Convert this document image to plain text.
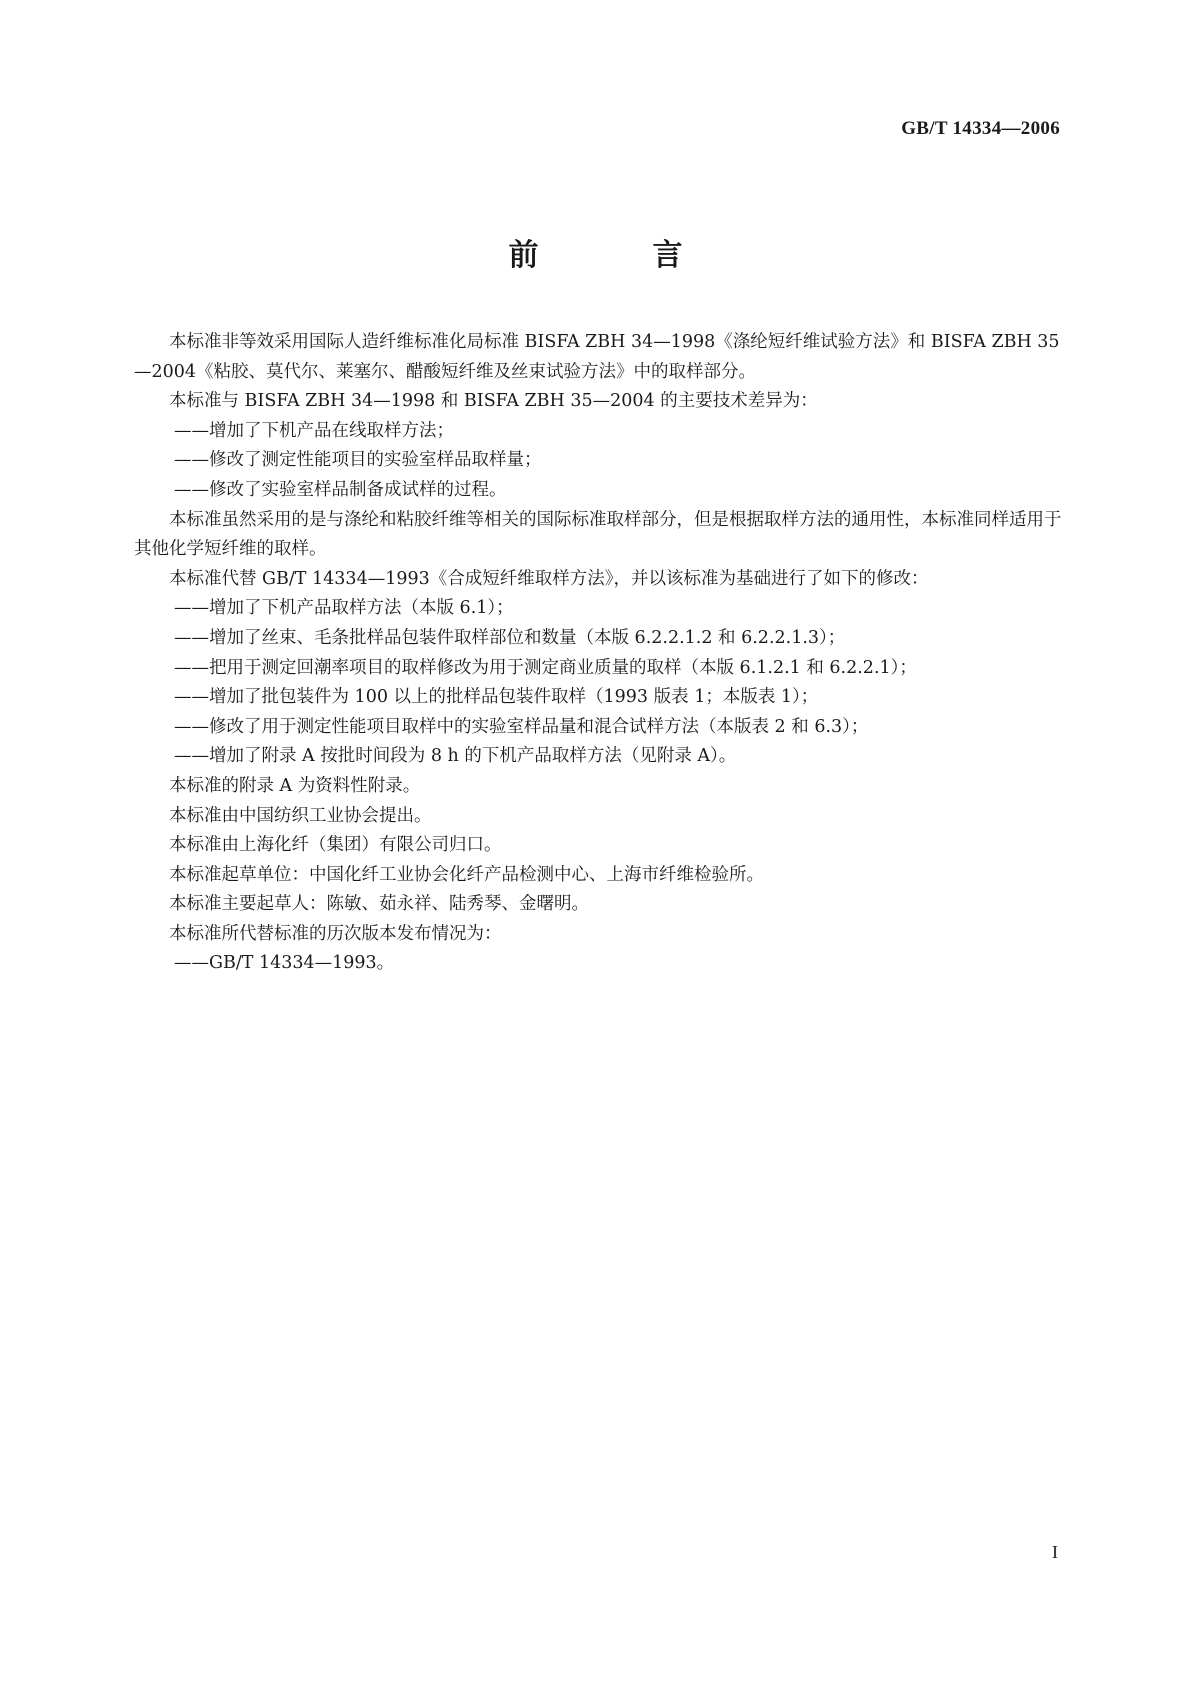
GB/T 14334—2006
前　言

本标准非等效采用国际人造纤维标准化局标准 BISFA ZBH 34—1998《涤纶短纤维试验方法》和 BISFA ZBH 35—2004《粘胶、莫代尔、莱塞尔、醋酸短纤维及丝束试验方法》中的取样部分。

本标准与 BISFA ZBH 34—1998 和 BISFA ZBH 35—2004 的主要技术差异为：

——增加了下机产品在线取样方法；

——修改了测定性能项目的实验室样品取样量；

——修改了实验室样品制备成试样的过程。

本标准虽然采用的是与涤纶和粘胶纤维等相关的国际标准取样部分，但是根据取样方法的通用性，本标准同样适用于其他化学短纤维的取样。

本标准代替 GB/T 14334—1993《合成短纤维取样方法》，并以该标准为基础进行了如下的修改：

——增加了下机产品取样方法（本版 6.1）；

——增加了丝束、毛条批样品包装件取样部位和数量（本版 6.2.2.1.2 和 6.2.2.1.3）；

——把用于测定回潮率项目的取样修改为用于测定商业质量的取样（本版 6.1.2.1 和 6.2.2.1）；

——增加了批包装件为 100 以上的批样品包装件取样（1993 版表 1；本版表 1）；

——修改了用于测定性能项目取样中的实验室样品量和混合试样方法（本版表 2 和 6.3）；

——增加了附录 A 按批时间段为 8 h 的下机产品取样方法（见附录 A）。

本标准的附录 A 为资料性附录。

本标准由中国纺织工业协会提出。

本标准由上海化纤（集团）有限公司归口。

本标准起草单位：中国化纤工业协会化纤产品检测中心、上海市纤维检验所。

本标准主要起草人：陈敏、茹永祥、陆秀琴、金曙明。

本标准所代替标准的历次版本发布情况为：

——GB/T 14334—1993。

I
